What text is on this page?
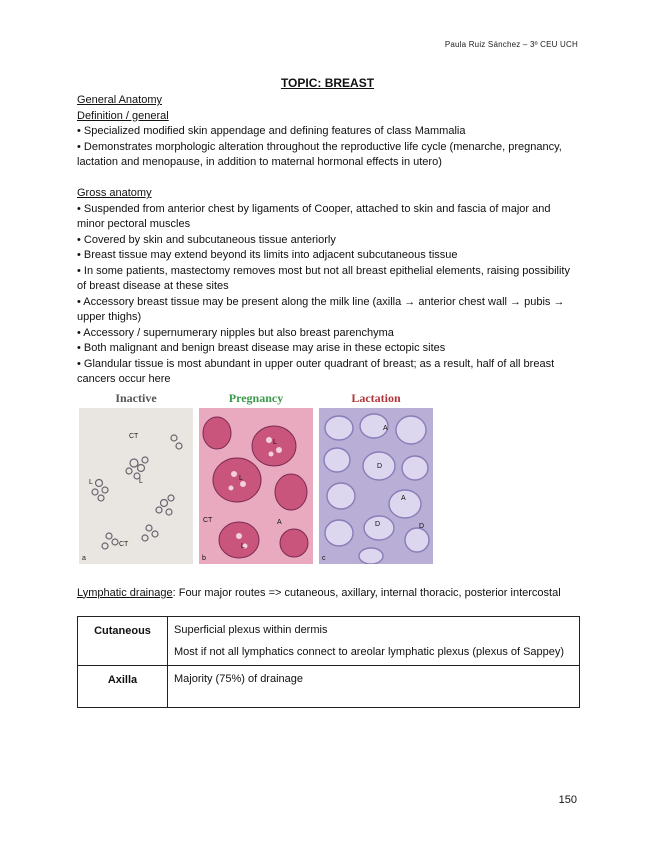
Paula Ruiz Sánchez – 3º CEU UCH
TOPIC: BREAST
General Anatomy
Definition / general
• Specialized modified skin appendage and defining features of class Mammalia
• Demonstrates morphologic alteration throughout the reproductive life cycle (menarche, pregnancy, lactation and menopause, in addition to maternal hormonal effects in utero)
Gross anatomy
• Suspended from anterior chest by ligaments of Cooper, attached to skin and fascia of major and minor pectoral muscles
• Covered by skin and subcutaneous tissue anteriorly
• Breast tissue may extend beyond its limits into adjacent subcutaneous tissue
• In some patients, mastectomy removes most but not all breast epithelial elements, raising possibility of breast disease at these sites
• Accessory breast tissue may be present along the milk line (axilla → anterior chest wall → pubis → upper thighs)
• Accessory / supernumerary nipples but also breast parenchyma
• Both malignant and benign breast disease may arise in these ectopic sites
• Glandular tissue is most abundant in upper outer quadrant of breast; as a result, half of all breast cancers occur here
Inactive
CT
L
L
CT
a
Pregnancy
L
L
CT	A
L
b
Lactation
A
D
A
D	D
c
Lymphatic drainage: Four major routes => cutaneous, axillary, internal thoracic, posterior intercostal
Cutaneous	Superficial plexus within dermis
Most if not all lymphatics connect to areolar lymphatic plexus (plexus of Sappey)

Axilla	Majority (75%) of drainage
150
